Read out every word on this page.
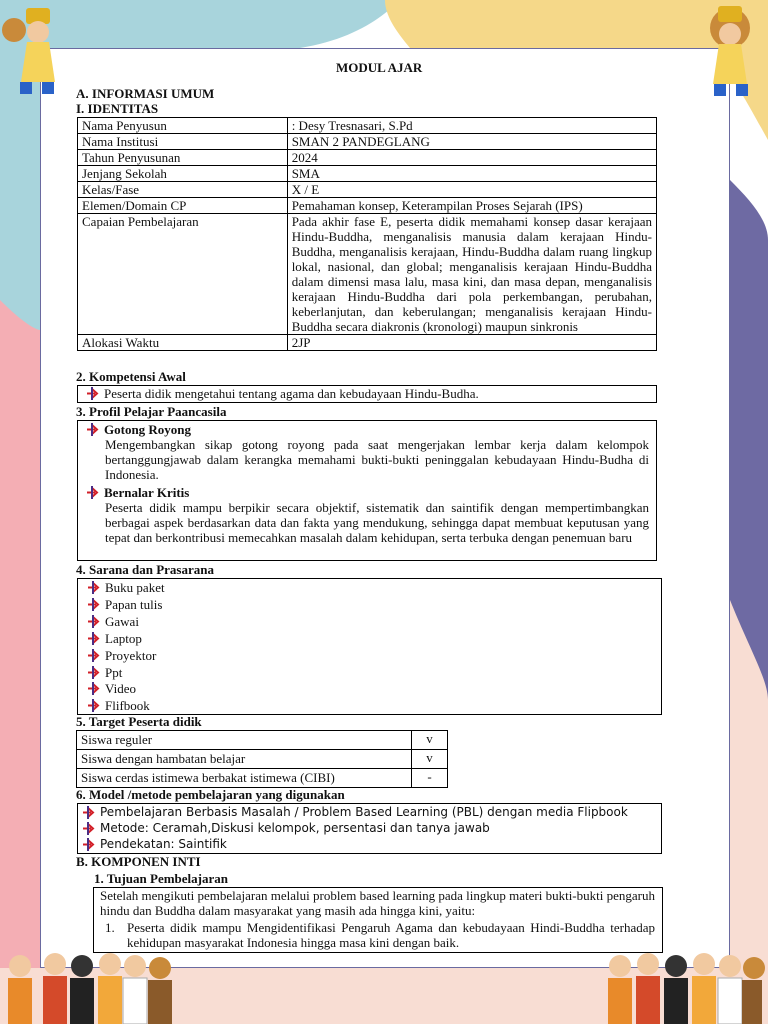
MODUL AJAR
A. INFORMASI UMUM
I. IDENTITAS
Nama Penyusun	: Desy Tresnasari, S.Pd
Nama Institusi	SMAN 2 PANDEGLANG
Tahun Penyusunan	2024
Jenjang Sekolah	SMA
Kelas/Fase	X / E
Elemen/Domain CP	Pemahaman konsep, Keterampilan Proses Sejarah (IPS)
Capaian Pembelajaran	Pada akhir fase E, peserta didik memahami konsep dasar kerajaan Hindu-Buddha, menganalisis manusia dalam kerajaan Hindu-Buddha, menganalisis kerajaan, Hindu-Buddha dalam ruang lingkup lokal, nasional, dan global; menganalisis kerajaan Hindu-Buddha dalam dimensi masa lalu, masa kini, dan masa depan, menganalisis kerajaan Hindu-Buddha dari pola perkembangan, perubahan, keberlanjutan, dan keberulangan; menganalisis kerajaan Hindu-Buddha secara diakronis (kronologi) maupun sinkronis
Alokasi Waktu	2JP
2. Kompetensi Awal
Peserta didik mengetahui tentang agama dan kebudayaan Hindu-Budha.
3. Profil Pelajar Paancasila
Gotong Royong
Mengembangkan sikap gotong royong pada saat mengerjakan lembar kerja dalam kelompok bertanggungjawab dalam kerangka memahami bukti-bukti peninggalan kebudayaan Hindu-Budha di Indonesia.
Bernalar Kritis
Peserta didik mampu berpikir secara objektif, sistematik dan saintifik dengan mempertimbangkan berbagai aspek berdasarkan data dan fakta yang mendukung, sehingga dapat membuat keputusan yang tepat dan berkontribusi memecahkan masalah dalam kehidupan, serta terbuka dengan penemuan baru
4. Sarana dan Prasarana
Buku paket
Papan tulis
Gawai
Laptop
Proyektor
Ppt
Video
Flifbook
5. Target Peserta didik
Siswa reguler	v
Siswa dengan hambatan belajar	v
Siswa cerdas istimewa berbakat istimewa (CIBI)	-
6. Model /metode pembelajaran yang digunakan
Pembelajaran Berbasis Masalah / Problem Based Learning (PBL) dengan media Flipbook
Metode: Ceramah,Diskusi kelompok, persentasi dan tanya jawab
Pendekatan: Saintifik
B. KOMPONEN INTI
1. Tujuan Pembelajaran
Setelah mengikuti pembelajaran melalui problem based learning pada lingkup materi bukti-bukti pengaruh hindu dan Buddha dalam masyarakat yang masih ada hingga kini, yaitu:
1. Peserta didik mampu Mengidentifikasi Pengaruh Agama dan kebudayaan Hindi-Buddha terhadap kehidupan masyarakat Indonesia hingga masa kini dengan baik.
